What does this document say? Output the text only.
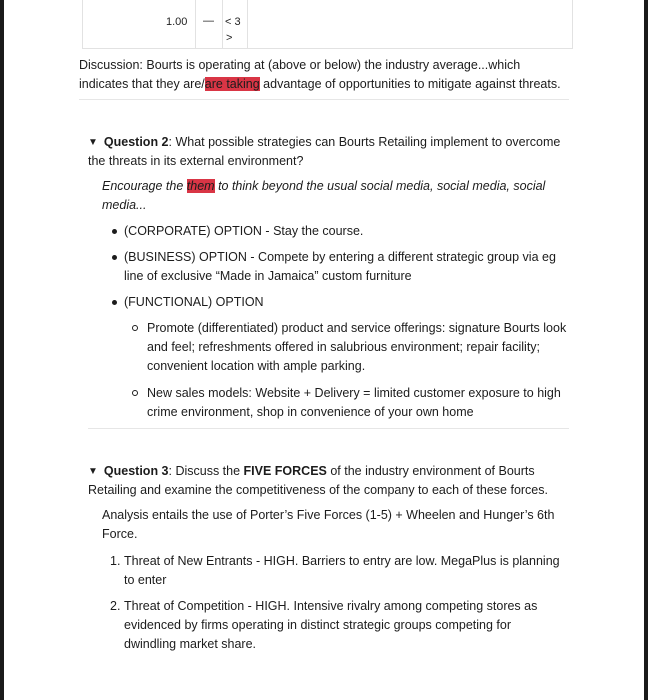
1.00 — < 3
>
Discussion: Bourts is operating at (above or below) the industry average...which
indicates that they are/are taking advantage of opportunities to mitigate against threats.
▼ Question 2: What possible strategies can Bourts Retailing implement to overcome
the threats in its external environment?
Encourage the them to think beyond the usual social media, social media, social
media...
(CORPORATE) OPTION - Stay the course.
(BUSINESS) OPTION - Compete by entering a different strategic group via eg
line of exclusive “Made in Jamaica” custom furniture
(FUNCTIONAL) OPTION
Promote (differentiated) product and service offerings: signature Bourts look
and feel; refreshments offered in salubrious environment; repair facility;
convenient location with ample parking.
New sales models: Website + Delivery = limited customer exposure to high
crime environment, shop in convenience of your own home
▼ Question 3: Discuss the FIVE FORCES of the industry environment of Bourts
Retailing and examine the competitiveness of the company to each of these forces.
Analysis entails the use of Porter’s Five Forces (1-5) + Wheelen and Hunger’s 6th
Force.
1. Threat of New Entrants - HIGH. Barriers to entry are low. MegaPlus is planning
to enter
2. Threat of Competition - HIGH. Intensive rivalry among competing stores as
evidenced by firms operating in distinct strategic groups competing for
dwindling market share.
